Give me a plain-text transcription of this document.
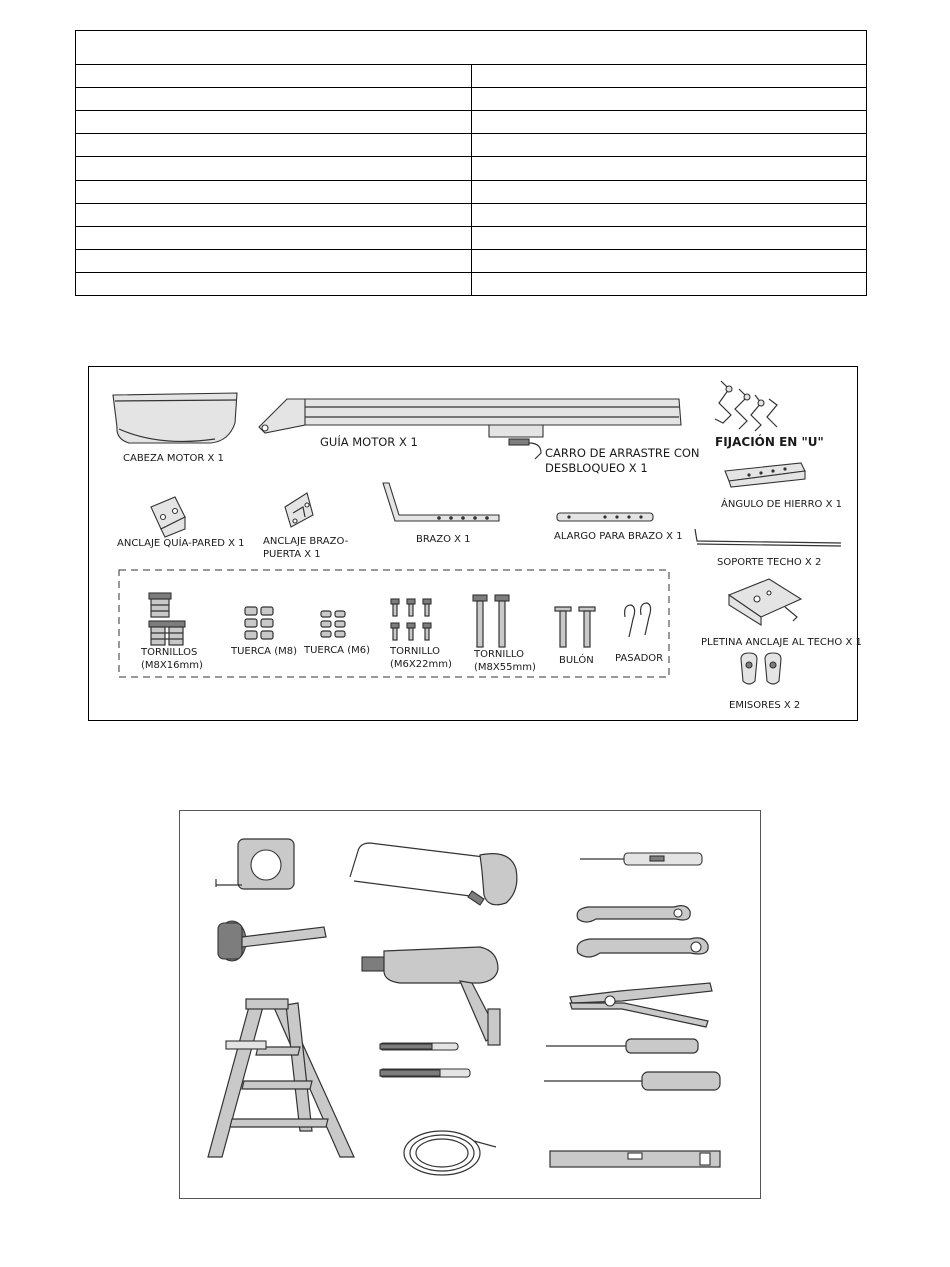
CABEZA MOTOR X 1
GUÍA MOTOR X 1
CARRO DE ARRASTRE CON
DESBLOQUEO X 1
FIJACIÓN EN "U"
ÁNGULO DE HIERRO X 1
ANCLAJE QUÍA-PARED X 1 ANCLAJE BRAZO-
PUERTA X 1
BRAZO X 1	ALARGO PARA BRAZO X 1
SOPORTE TECHO X 2
TORNILLOS
(M8X16mm)
TUERCA (M8) TUERCA (M6) TORNILLO
(M6X22mm)
TORNILLO
(M8X55mm)
BULÓN PASADOR
PLETINA ANCLAJE AL TECHO X 1
EMISORES X 2
